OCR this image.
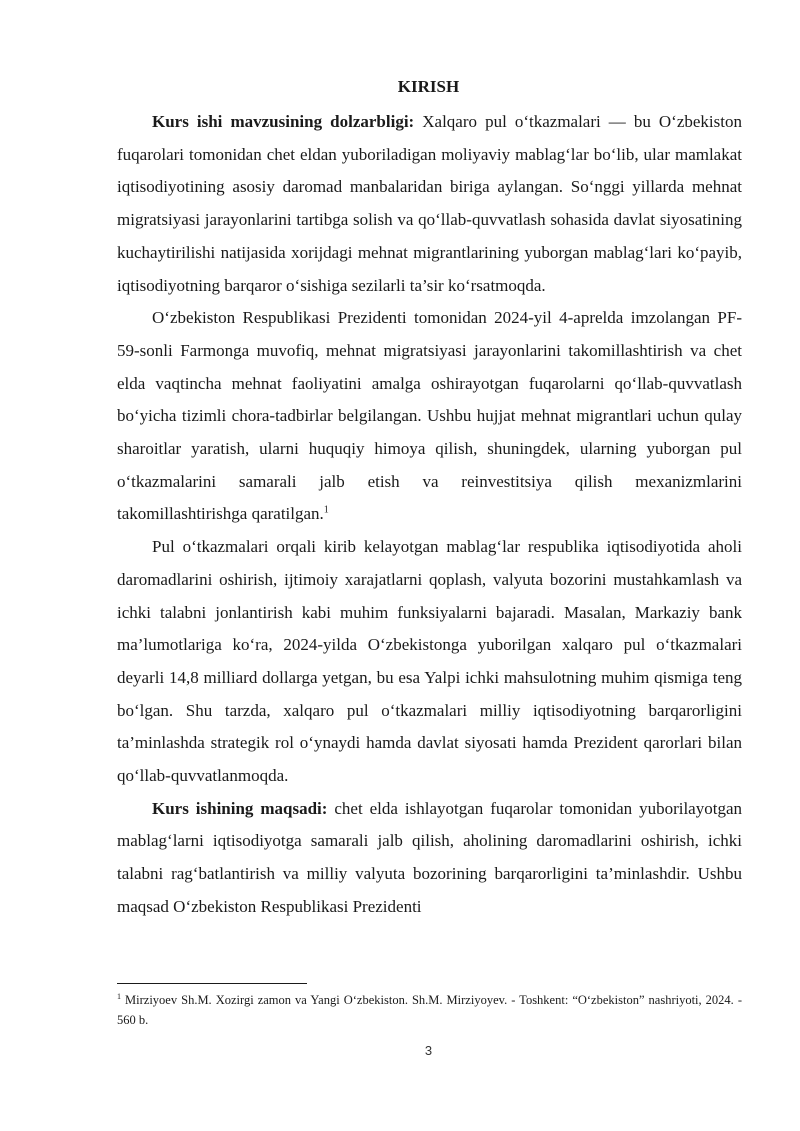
KIRISH

Kurs ishi mavzusining dolzarbligi: Xalqaro pul o‘tkazmalari — bu O‘zbekiston fuqarolari tomonidan chet eldan yuboriladigan moliyaviy mablag‘lar bo‘lib, ular mamlakat iqtisodiyotining asosiy daromad manbalaridan biriga aylangan. So‘nggi yillarda mehnat migratsiyasi jarayonlarini tartibga solish va qo‘llab-quvvatlash sohasida davlat siyosatining kuchaytirilishi natijasida xorijdagi mehnat migrantlarining yuborgan mablag‘lari ko‘payib, iqtisodiyotning barqaror o‘sishiga sezilarli ta’sir ko‘rsatmoqda.

O‘zbekiston Respublikasi Prezidenti tomonidan 2024-yil 4-aprelda imzolangan PF-59-sonli Farmonga muvofiq, mehnat migratsiyasi jarayonlarini takomillashtirish va chet elda vaqtincha mehnat faoliyatini amalga oshirayotgan fuqarolarni qo‘llab-quvvatlash bo‘yicha tizimli chora-tadbirlar belgilangan. Ushbu hujjat mehnat migrantlari uchun qulay sharoitlar yaratish, ularni huquqiy himoya qilish, shuningdek, ularning yuborgan pul o‘tkazmalarini samarali jalb etish va reinvestitsiya qilish mexanizmlarini takomillashtirishga qaratilgan.$^1$

Pul o‘tkazmalari orqali kirib kelayotgan mablag‘lar respublika iqtisodiyotida aholi daromadlarini oshirish, ijtimoiy xarajatlarni qoplash, valyuta bozorini mustahkamlash va ichki talabni jonlantirish kabi muhim funksiyalarni bajaradi. Masalan, Markaziy bank ma’lumotlariga ko‘ra, 2024-yilda O‘zbekistonga yuborilgan xalqaro pul o‘tkazmalari deyarli 14,8 milliard dollarga yetgan, bu esa Yalpi ichki mahsulotning muhim qismiga teng bo‘lgan. Shu tarzda, xalqaro pul o‘tkazmalari milliy iqtisodiyotning barqarorligini ta’minlashda strategik rol o‘ynaydi hamda davlat siyosati hamda Prezident qarorlari bilan qo‘llab-quvvatlanmoqda.

Kurs ishining maqsadi: chet elda ishlayotgan fuqarolar tomonidan yuborilayotgan mablag‘larni iqtisodiyotga samarali jalb qilish, aholining daromadlarini oshirish, ichki talabni rag‘batlantirish va milliy valyuta bozorining barqarorligini ta’minlashdir. Ushbu maqsad O‘zbekiston Respublikasi Prezidenti

$^1$ Mirziyoev Sh.M. Xozirgi zamon va Yangi O‘zbekiston. Sh.M. Mirziyoyev. - Toshkent: “O‘zbekiston” nashriyoti, 2024. - 560 b.
3
